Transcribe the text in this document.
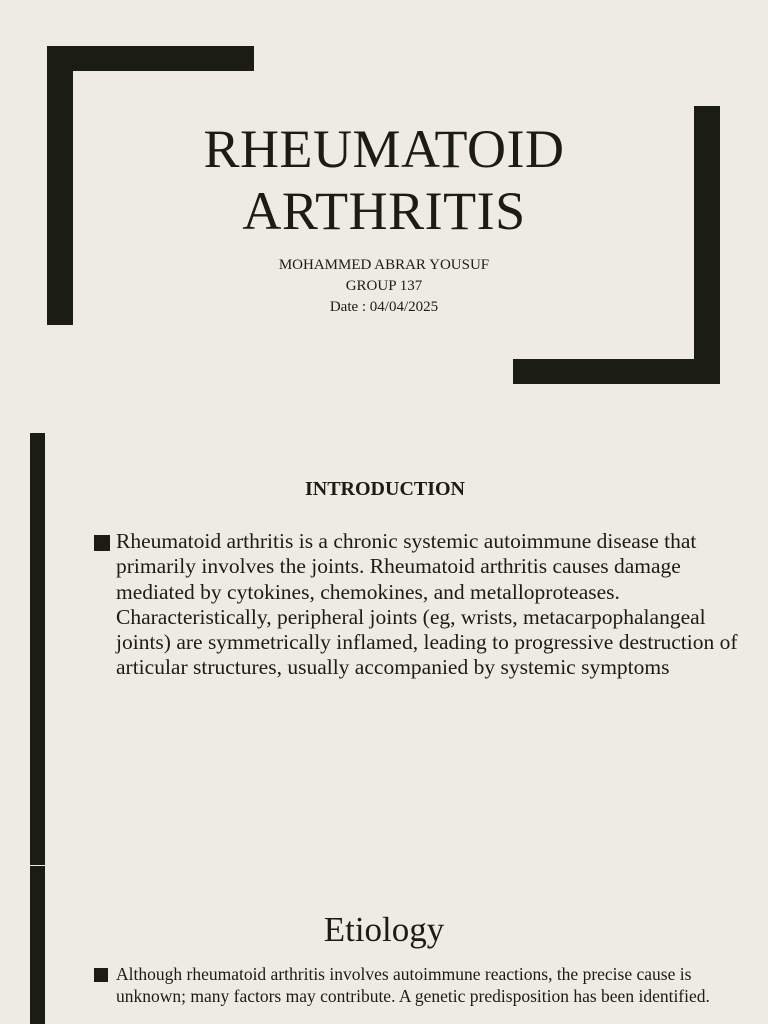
RHEUMATOID
ARTHRITIS
MOHAMMED ABRAR YOUSUF
GROUP 137
Date : 04/04/2025
INTRODUCTION
Rheumatoid arthritis is a chronic systemic autoimmune disease that primarily involves the joints. Rheumatoid arthritis causes damage mediated by cytokines, chemokines, and metalloproteases. Characteristically, peripheral joints (eg, wrists, metacarpophalangeal joints) are symmetrically inflamed, leading to progressive destruction of articular structures, usually accompanied by systemic symptoms
Etiology
Although rheumatoid arthritis involves autoimmune reactions, the precise cause is unknown; many factors may contribute. A genetic predisposition has been identified.
